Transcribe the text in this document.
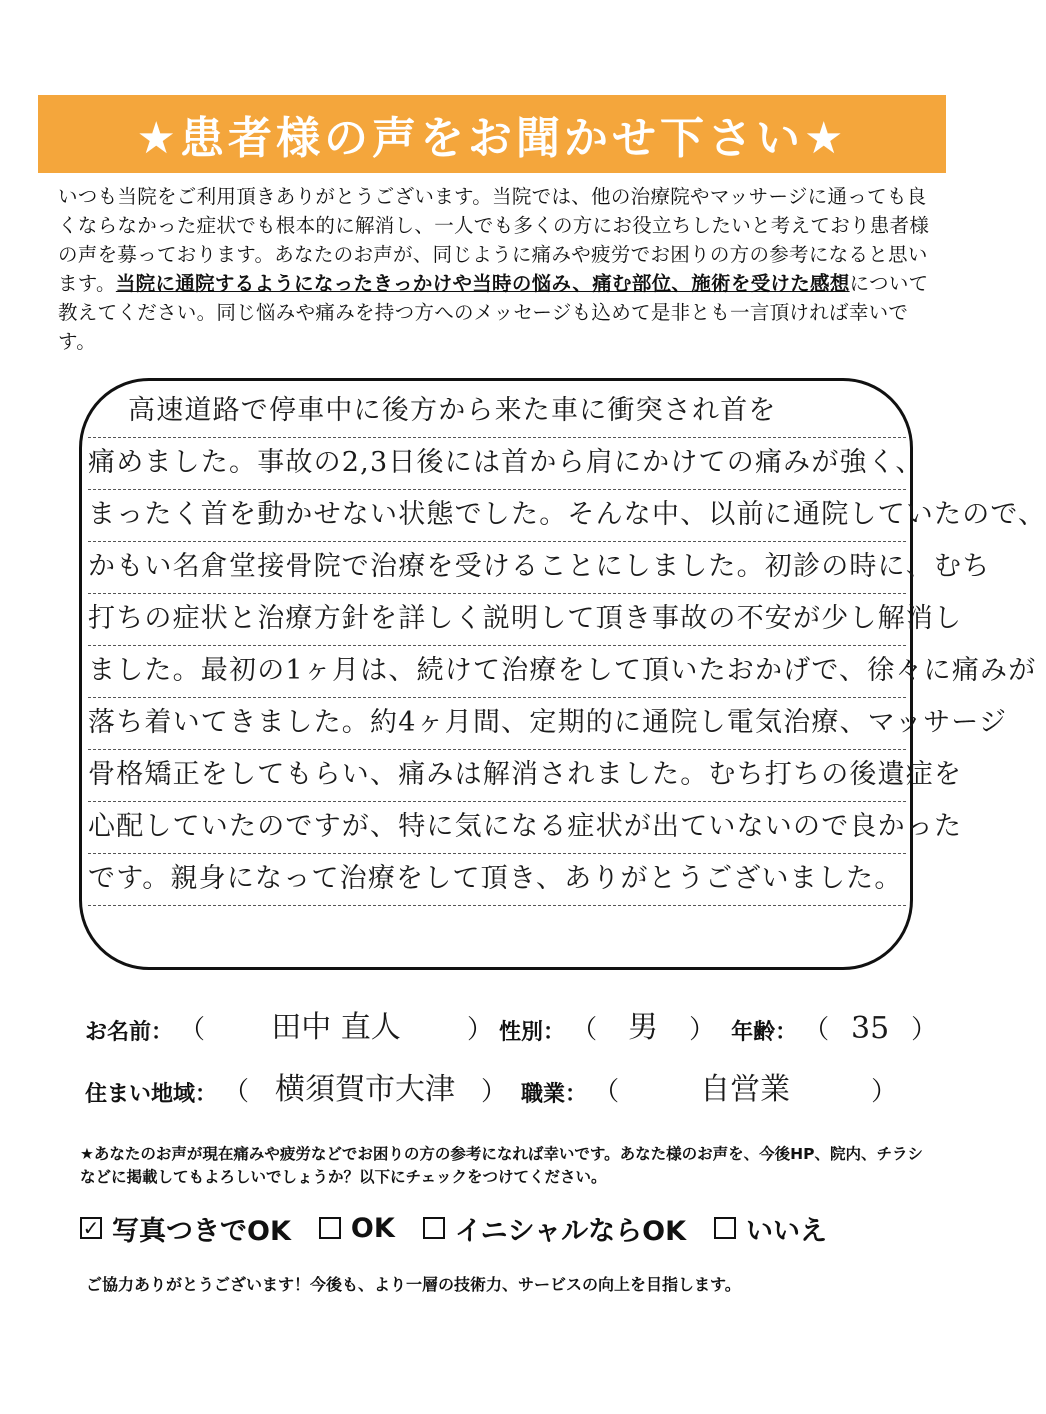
★患者様の声をお聞かせ下さい★
いつも当院をご利用頂きありがとうございます。当院では、他の治療院やマッサージに通っても良くならなかった症状でも根本的に解消し、一人でも多くの方にお役立ちしたいと考えており患者様の声を募っております。あなたのお声が、同じように痛みや疲労でお困りの方の参考になると思います。当院に通院するようになったきっかけや当時の悩み、痛む部位、施術を受けた感想について教えてください。同じ悩みや痛みを持つ方へのメッセージも込めて是非とも一言頂ければ幸いです。
高速道路で停車中に後方から来た車に衝突され首を
痛めました。事故の2,3日後には首から肩にかけての痛みが強く、
まったく首を動かせない状態でした。そんな中、以前に通院していたので、
かもい名倉堂接骨院で治療を受けることにしました。初診の時に、むち
打ちの症状と治療方針を詳しく説明して頂き事故の不安が少し解消し
ました。最初の1ヶ月は、続けて治療をして頂いたおかげで、徐々に痛みが
落ち着いてきました。約4ヶ月間、定期的に通院し電気治療、マッサージ
骨格矯正をしてもらい、痛みは解消されました。むち打ちの後遺症を
心配していたのですが、特に気になる症状が出ていないので良かった
です。親身になって治療をして頂き、ありがとうございました。
お名前： （	田中 直人	） 性別： （	男	） 年齢： （ 35 ）
住まい地域： （ 横須賀市大津	） 職業： （	自営業	）
★あなたのお声が現在痛みや疲労などでお困りの方の参考になれば幸いです。あなた様のお声を、今後HP、院内、チラシなどに掲載してもよろしいでしょうか？以下にチェックをつけてください。
✓ 写真つきでOK OK イニシャルならOK いいえ
ご協力ありがとうございます！今後も、より一層の技術力、サービスの向上を目指します。
